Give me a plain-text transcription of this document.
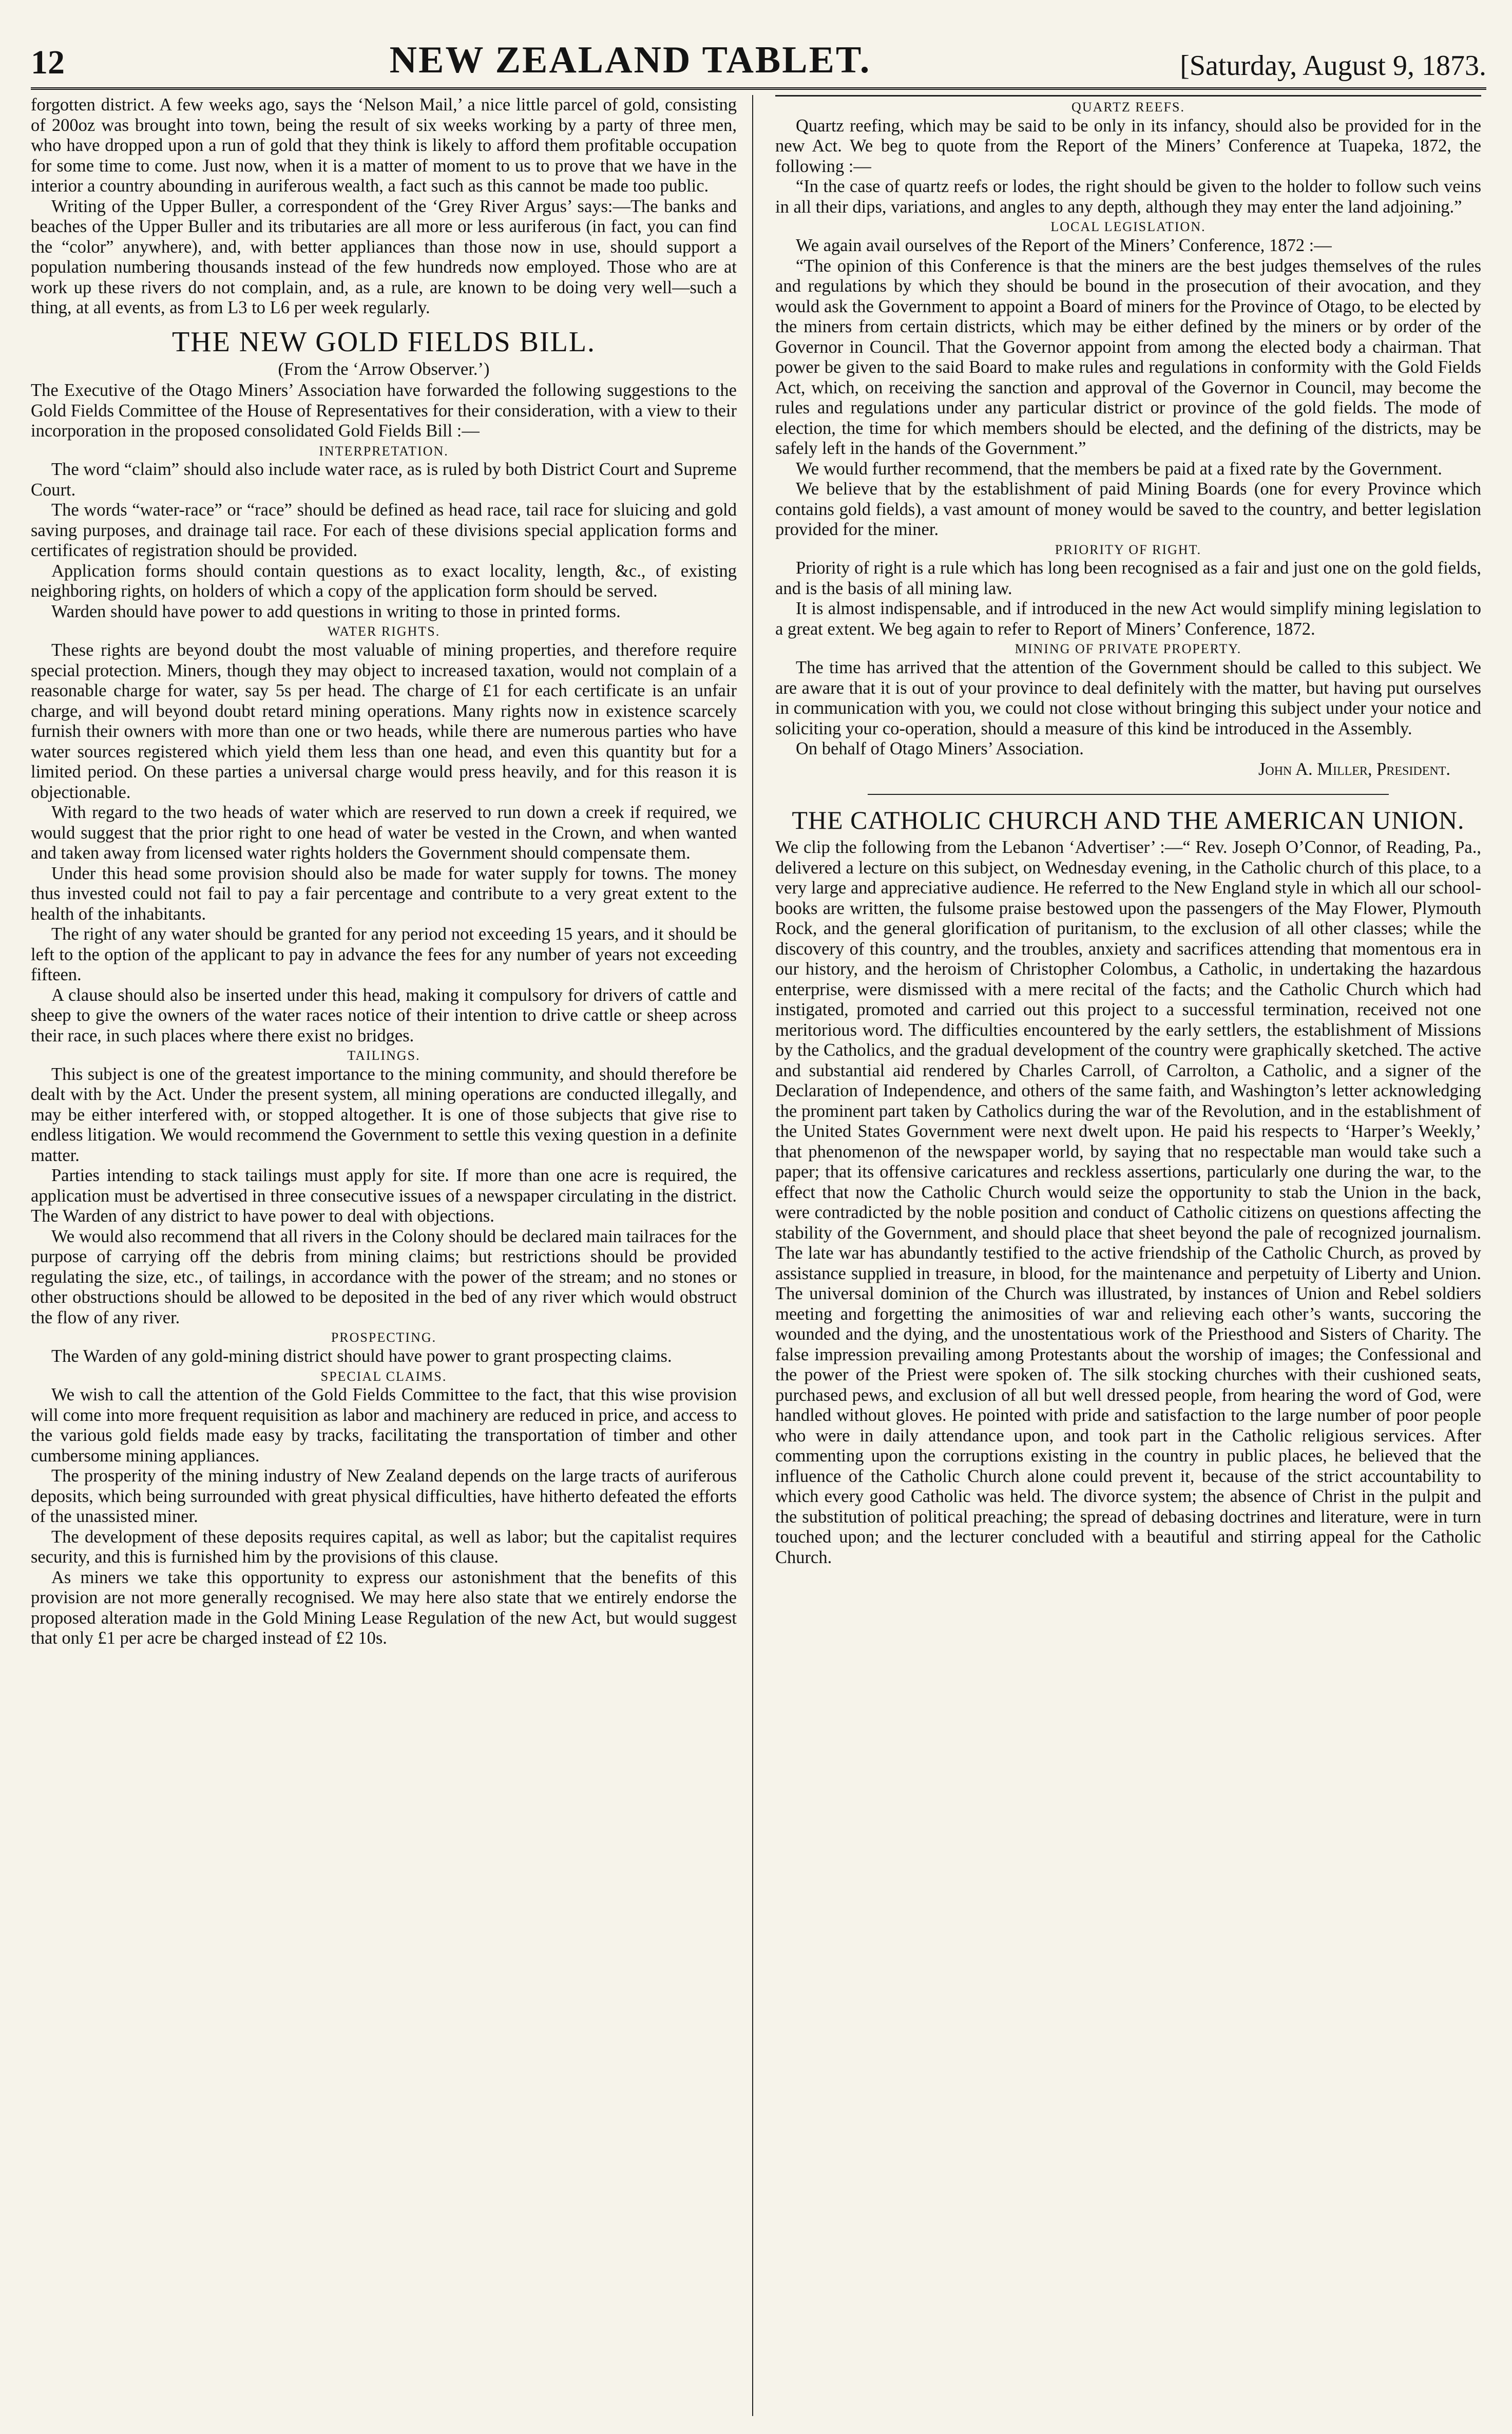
12	NEW ZEALAND TABLET.	[Saturday, August 9, 1873.

forgotten district. A few weeks ago, says the ‘Nelson Mail,’ a nice little parcel of gold, consisting of 200oz was brought into town, being the result of six weeks working by a party of three men, who have dropped upon a run of gold that they think is likely to afford them profitable occupation for some time to come. Just now, when it is a matter of moment to us to prove that we have in the interior a country abounding in auriferous wealth, a fact such as this cannot be made too public.

Writing of the Upper Buller, a correspondent of the ‘Grey River Argus’ says:—The banks and beaches of the Upper Buller and its tributaries are all more or less auriferous (in fact, you can find the “color” anywhere), and, with better appliances than those now in use, should support a population numbering thousands instead of the few hundreds now employed. Those who are at work up these rivers do not complain, and, as a rule, are known to be doing very well—such a thing, at all events, as from L3 to L6 per week regularly.

THE NEW GOLD FIELDS BILL.
(From the ‘Arrow Observer.’)

The Executive of the Otago Miners’ Association have forwarded the following suggestions to the Gold Fields Committee of the House of Representatives for their consideration, with a view to their incorporation in the proposed consolidated Gold Fields Bill :—

INTERPRETATION.

The word “claim” should also include water race, as is ruled by both District Court and Supreme Court.

The words “water-race” or “race” should be defined as head race, tail race for sluicing and gold saving purposes, and drainage tail race. For each of these divisions special application forms and certificates of registration should be provided.

Application forms should contain questions as to exact locality, length, &c., of existing neighboring rights, on holders of which a copy of the application form should be served.

Warden should have power to add questions in writing to those in printed forms.

WATER RIGHTS.

These rights are beyond doubt the most valuable of mining properties, and therefore require special protection. Miners, though they may object to increased taxation, would not complain of a reasonable charge for water, say 5s per head. The charge of £1 for each certificate is an unfair charge, and will beyond doubt retard mining operations. Many rights now in existence scarcely furnish their owners with more than one or two heads, while there are numerous parties who have water sources registered which yield them less than one head, and even this quantity but for a limited period. On these parties a universal charge would press heavily, and for this reason it is objectionable.

With regard to the two heads of water which are reserved to run down a creek if required, we would suggest that the prior right to one head of water be vested in the Crown, and when wanted and taken away from licensed water rights holders the Government should compensate them.

Under this head some provision should also be made for water supply for towns. The money thus invested could not fail to pay a fair percentage and contribute to a very great extent to the health of the inhabitants.

The right of any water should be granted for any period not exceeding 15 years, and it should be left to the option of the applicant to pay in advance the fees for any number of years not exceeding fifteen.

A clause should also be inserted under this head, making it compulsory for drivers of cattle and sheep to give the owners of the water races notice of their intention to drive cattle or sheep across their race, in such places where there exist no bridges.

TAILINGS.

This subject is one of the greatest importance to the mining community, and should therefore be dealt with by the Act. Under the present system, all mining operations are conducted illegally, and may be either interfered with, or stopped altogether. It is one of those subjects that give rise to endless litigation. We would recommend the Government to settle this vexing question in a definite matter.

Parties intending to stack tailings must apply for site. If more than one acre is required, the application must be advertised in three consecutive issues of a newspaper circulating in the district. The Warden of any district to have power to deal with objections.

We would also recommend that all rivers in the Colony should be declared main tailraces for the purpose of carrying off the debris from mining claims; but restrictions should be provided regulating the size, etc., of tailings, in accordance with the power of the stream; and no stones or other obstructions should be allowed to be deposited in the bed of any river which would obstruct the flow of any river.

PROSPECTING.

The Warden of any gold-mining district should have power to grant prospecting claims.

SPECIAL CLAIMS.

We wish to call the attention of the Gold Fields Committee to the fact, that this wise provision will come into more frequent requisition as labor and machinery are reduced in price, and access to the various gold fields made easy by tracks, facilitating the transportation of timber and other cumbersome mining appliances.

The prosperity of the mining industry of New Zealand depends on the large tracts of auriferous deposits, which being surrounded with great physical difficulties, have hitherto defeated the efforts of the unassisted miner.

The development of these deposits requires capital, as well as labor; but the capitalist requires security, and this is furnished him by the provisions of this clause.

As miners we take this opportunity to express our astonishment that the benefits of this provision are not more generally recognised. We may here also state that we entirely endorse the proposed alteration made in the Gold Mining Lease Regulation of the new Act, but would suggest that only £1 per acre be charged instead of £2 10s.

QUARTZ REEFS.

Quartz reefing, which may be said to be only in its infancy, should also be provided for in the new Act. We beg to quote from the Report of the Miners’ Conference at Tuapeka, 1872, the following :—

“In the case of quartz reefs or lodes, the right should be given to the holder to follow such veins in all their dips, variations, and angles to any depth, although they may enter the land adjoining.”

LOCAL LEGISLATION.

We again avail ourselves of the Report of the Miners’ Conference, 1872 :—

“The opinion of this Conference is that the miners are the best judges themselves of the rules and regulations by which they should be bound in the prosecution of their avocation, and they would ask the Government to appoint a Board of miners for the Province of Otago, to be elected by the miners from certain districts, which may be either defined by the miners or by order of the Governor in Council. That the Governor appoint from among the elected body a chairman. That power be given to the said Board to make rules and regulations in conformity with the Gold Fields Act, which, on receiving the sanction and approval of the Governor in Council, may become the rules and regulations under any particular district or province of the gold fields. The mode of election, the time for which members should be elected, and the defining of the districts, may be safely left in the hands of the Government.”

We would further recommend, that the members be paid at a fixed rate by the Government.

We believe that by the establishment of paid Mining Boards (one for every Province which contains gold fields), a vast amount of money would be saved to the country, and better legislation provided for the miner.

PRIORITY OF RIGHT.

Priority of right is a rule which has long been recognised as a fair and just one on the gold fields, and is the basis of all mining law.

It is almost indispensable, and if introduced in the new Act would simplify mining legislation to a great extent. We beg again to refer to Report of Miners’ Conference, 1872.

MINING OF PRIVATE PROPERTY.

The time has arrived that the attention of the Government should be called to this subject. We are aware that it is out of your province to deal definitely with the matter, but having put ourselves in communication with you, we could not close without bringing this subject under your notice and soliciting your co-operation, should a measure of this kind be introduced in the Assembly.

On behalf of Otago Miners’ Association.

John A. Miller, President.

THE CATHOLIC CHURCH AND THE AMERICAN UNION.

We clip the following from the Lebanon ‘Advertiser’ :—“ Rev. Joseph O’Connor, of Reading, Pa., delivered a lecture on this subject, on Wednesday evening, in the Catholic church of this place, to a very large and appreciative audience. He referred to the New England style in which all our school-books are written, the fulsome praise bestowed upon the passengers of the May Flower, Plymouth Rock, and the general glorification of puritanism, to the exclusion of all other classes; while the discovery of this country, and the troubles, anxiety and sacrifices attending that momentous era in our history, and the heroism of Christopher Colombus, a Catholic, in undertaking the hazardous enterprise, were dismissed with a mere recital of the facts; and the Catholic Church which had instigated, promoted and carried out this project to a successful termination, received not one meritorious word. The difficulties encountered by the early settlers, the establishment of Missions by the Catholics, and the gradual development of the country were graphically sketched. The active and substantial aid rendered by Charles Carroll, of Carrolton, a Catholic, and a signer of the Declaration of Independence, and others of the same faith, and Washington’s letter acknowledging the prominent part taken by Catholics during the war of the Revolution, and in the establishment of the United States Government were next dwelt upon. He paid his respects to ‘Harper’s Weekly,’ that phenomenon of the newspaper world, by saying that no respectable man would take such a paper; that its offensive caricatures and reckless assertions, particularly one during the war, to the effect that now the Catholic Church would seize the opportunity to stab the Union in the back, were contradicted by the noble position and conduct of Catholic citizens on questions affecting the stability of the Government, and should place that sheet beyond the pale of recognized journalism. The late war has abundantly testified to the active friendship of the Catholic Church, as proved by assistance supplied in treasure, in blood, for the maintenance and perpetuity of Liberty and Union. The universal dominion of the Church was illustrated, by instances of Union and Rebel soldiers meeting and forgetting the animosities of war and relieving each other’s wants, succoring the wounded and the dying, and the unostentatious work of the Priesthood and Sisters of Charity. The false impression prevailing among Protestants about the worship of images; the Confessional and the power of the Priest were spoken of. The silk stocking churches with their cushioned seats, purchased pews, and exclusion of all but well dressed people, from hearing the word of God, were handled without gloves. He pointed with pride and satisfaction to the large number of poor people who were in daily attendance upon, and took part in the Catholic religious services. After commenting upon the corruptions existing in the country in public places, he believed that the influence of the Catholic Church alone could prevent it, because of the strict accountability to which every good Catholic was held. The divorce system; the absence of Christ in the pulpit and the substitution of political preaching; the spread of debasing doctrines and literature, were in turn touched upon; and the lecturer concluded with a beautiful and stirring appeal for the Catholic Church.
